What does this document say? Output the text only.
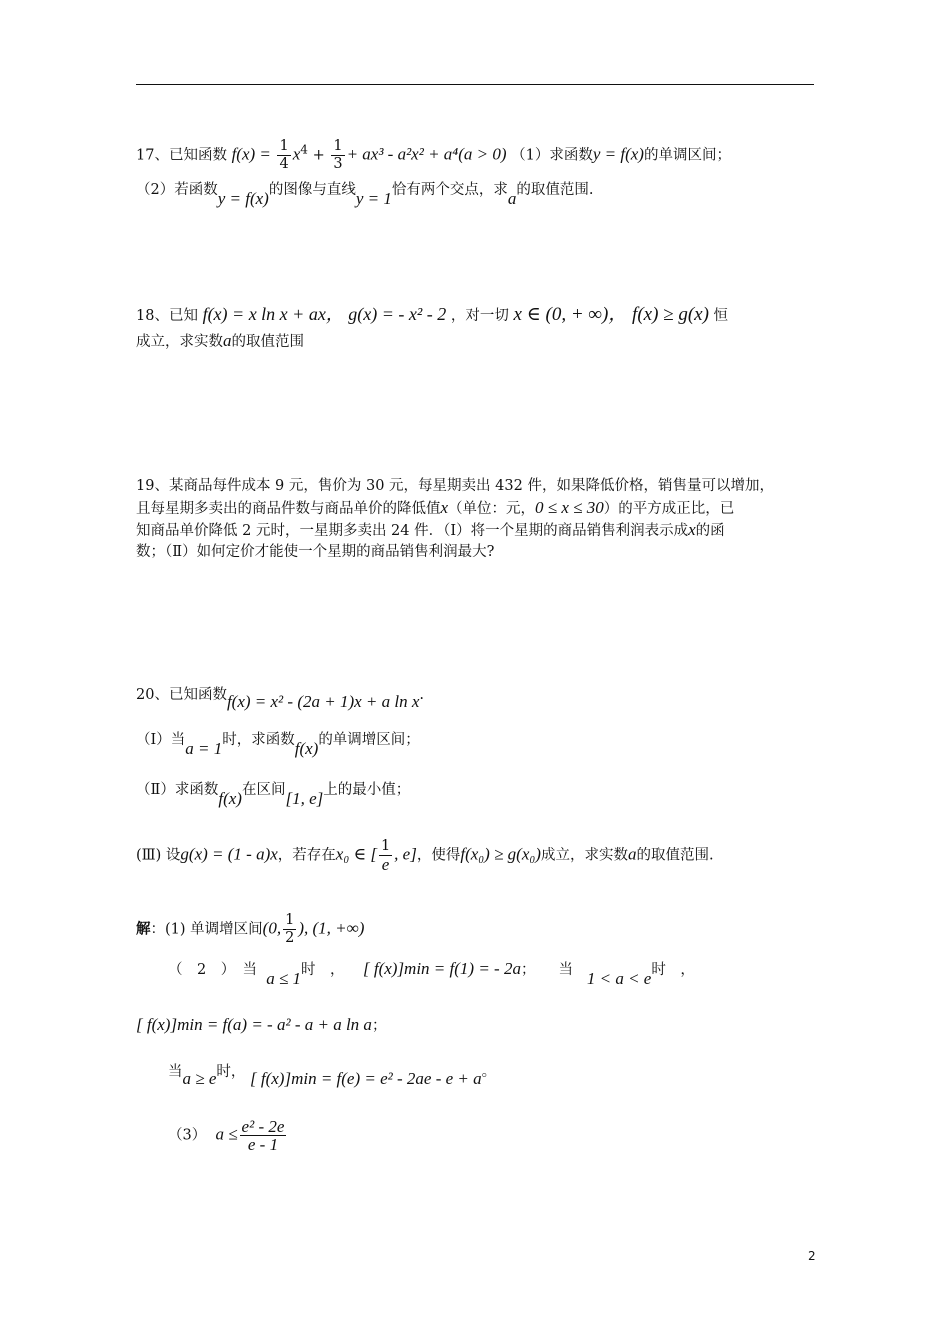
17、已知函数 $f(x) = \frac{1}{4} x^4 + \frac{1}{3} + ax^3 - a^2x^2 + a^4(a > 0)$ （1）求函数y = f(x)的单调区间；
（2）若函数y = f(x)的图像与直线y = 1恰有两个交点，求a的取值范围.
18、已知 f(x) = x ln x + ax， g(x) = - x² - 2 ，对一切 x ∈ (0, + ∞)， f(x) ≥ g(x) 恒
成立，求实数a的取值范围
19、某商品每件成本 9 元，售价为 30 元，每星期卖出 432 件，如果降低价格，销售量可以增加，
且每星期多卖出的商品件数与商品单价的降低值x（单位：元，0 ≤ x ≤ 30）的平方成正比，已
知商品单价降低 2 元时，一星期多卖出 24 件．（Ⅰ）将一个星期的商品销售利润表示成x的函
数；（Ⅱ）如何定价才能使一个星期的商品销售利润最大?
20、已知函数f(x) = x² - (2a + 1)x + a ln x.
（Ⅰ）当a = 1时，求函数f(x)的单调增区间；
（Ⅱ）求函数f(x)在区间[1, e]上的最小值；
(Ⅲ) 设g(x) = (1 - a)x，若存在x₀ ∈ [ $\frac{1}{e}$ , e]，使得f(x₀) ≥ g(x₀)成立，求实数a的取值范围.
解：(1) 单调增区间(0, $\frac{1}{2}$ ), (1, +∞)
（　2　）　当 a ≤ 1时　， [ f(x)]min = f(1) = - 2a； 当 1 < a < e时　，
[ f(x)]min = f(a) = - a² - a + a ln a；
当a ≥ e时， [ f(x)]min = f(e) = e² - 2ae - e + a。
（3） $a \le \frac{\text{e² - 2e}}{e - 1}$
2
